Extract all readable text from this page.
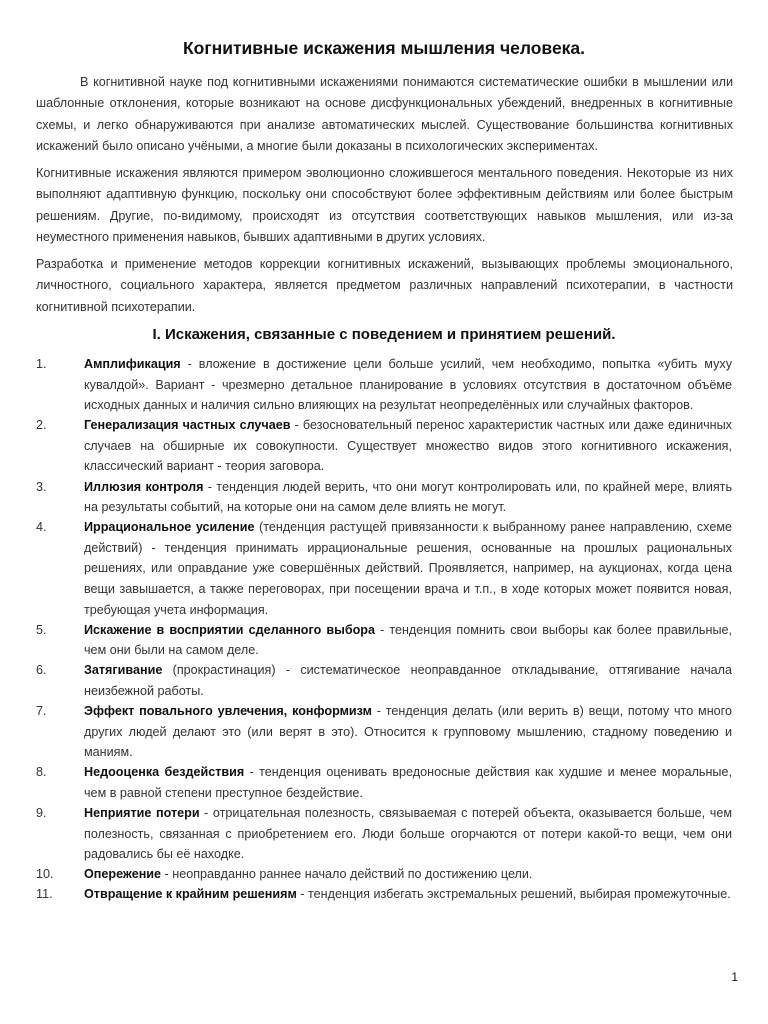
Когнитивные искажения мышления человека.
В когнитивной науке под когнитивными искажениями понимаются систематические ошибки в мышлении или шаблонные отклонения, которые возникают на основе дисфункциональных убеждений, внедренных в когнитивные схемы, и легко обнаруживаются при анализе автоматических мыслей. Существование большинства когнитивных искажений было описано учёными, а многие были доказаны в психологических экспериментах.
Когнитивные искажения являются примером эволюционно сложившегося ментального поведения. Некоторые из них выполняют адаптивную функцию, поскольку они способствуют более эффективным действиям или более быстрым решениям. Другие, по-видимому, происходят из отсутствия соответствующих навыков мышления, или из-за неуместного применения навыков, бывших адаптивными в других условиях.
Разработка и применение методов коррекции когнитивных искажений, вызывающих проблемы эмоционального, личностного, социального характера, является предметом различных направлений психотерапии, в частности когнитивной психотерапии.
I. Искажения, связанные с поведением и принятием решений.
1.	Амплификация - вложение в достижение цели больше усилий, чем необходимо, попытка «убить муху кувалдой». Вариант - чрезмерно детальное планирование в условиях отсутствия в достаточном объёме исходных данных и наличия сильно влияющих на результат неопределённых или случайных факторов.
2.	Генерализация частных случаев - безосновательный перенос характеристик частных или даже единичных случаев на обширные их совокупности. Существует множество видов этого когнитивного искажения, классический вариант - теория заговора.
3.	Иллюзия контроля - тенденция людей верить, что они могут контролировать или, по крайней мере, влиять на результаты событий, на которые они на самом деле влиять не могут.
4.	Иррациональное усиление (тенденция растущей привязанности к выбранному ранее направлению, схеме действий) - тенденция принимать иррациональные решения, основанные на прошлых рациональных решениях, или оправдание уже совершённых действий. Проявляется, например, на аукционах, когда цена вещи завышается, а также переговорах, при посещении врача и т.п., в ходе которых может появится новая, требующая учета информация.
5.	Искажение в восприятии сделанного выбора - тенденция помнить свои выборы как более правильные, чем они были на самом деле.
6.	Затягивание (прокрастинация) - систематическое неоправданное откладывание, оттягивание начала неизбежной работы.
7.	Эффект повального увлечения, конформизм - тенденция делать (или верить в) вещи, потому что много других людей делают это (или верят в это). Относится к групповому мышлению, стадному поведению и маниям.
8.	Недооценка бездействия - тенденция оценивать вредоносные действия как худшие и менее моральные, чем в равной степени преступное бездействие.
9.	Неприятие потери - отрицательная полезность, связываемая с потерей объекта, оказывается больше, чем полезность, связанная с приобретением его. Люди больше огорчаются от потери какой-то вещи, чем они радовались бы её находке.
10.	Опережение - неоправданно раннее начало действий по достижению цели.
11.	Отвращение к крайним решениям - тенденция избегать экстремальных решений, выбирая промежуточные.
1
